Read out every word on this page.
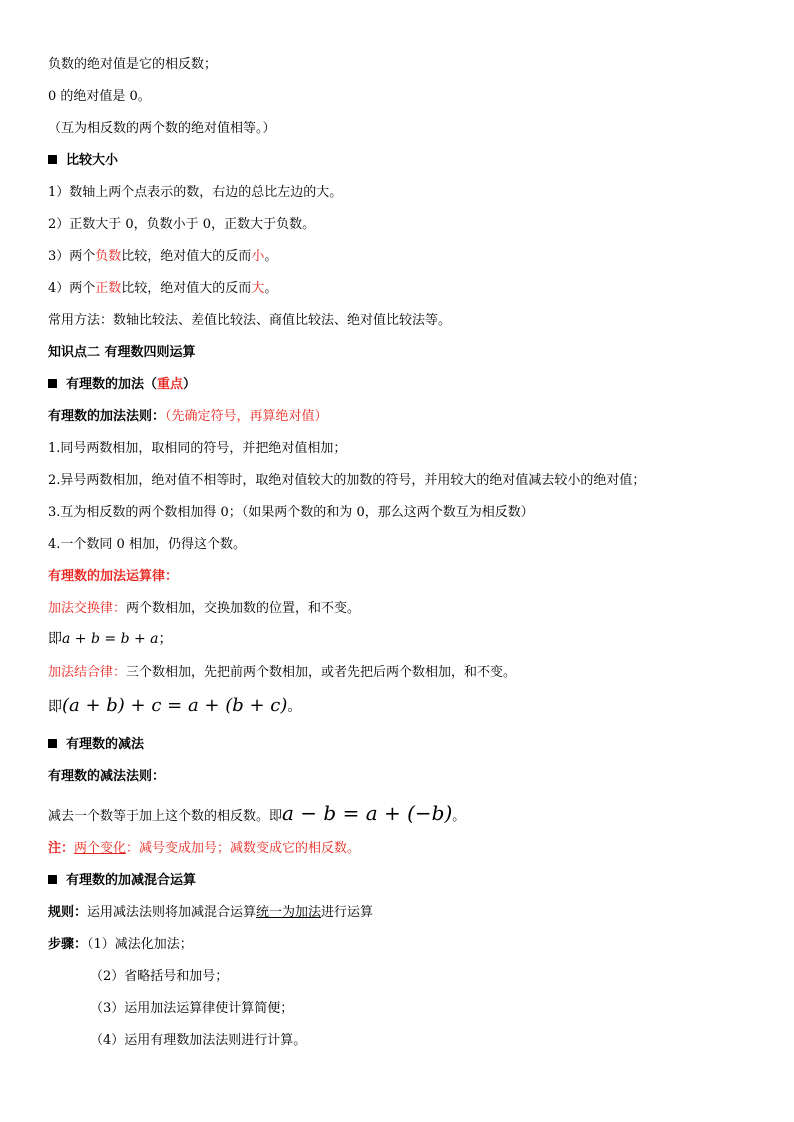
负数的绝对值是它的相反数；
0 的绝对值是 0。
（互为相反数的两个数的绝对值相等。）
比较大小
1）数轴上两个点表示的数，右边的总比左边的大。
2）正数大于 0，负数小于 0，正数大于负数。
3）两个负数比较，绝对值大的反而小。
4）两个正数比较，绝对值大的反而大。
常用方法：数轴比较法、差值比较法、商值比较法、绝对值比较法等。
知识点二 有理数四则运算
有理数的加法（重点）
有理数的加法法则：（先确定符号，再算绝对值）
1.同号两数相加，取相同的符号，并把绝对值相加；
2.异号两数相加，绝对值不相等时，取绝对值较大的加数的符号，并用较大的绝对值减去较小的绝对值；
3.互为相反数的两个数相加得 0；（如果两个数的和为 0，那么这两个数互为相反数）
4.一个数同 0 相加，仍得这个数。
有理数的加法运算律：
加法交换律：两个数相加，交换加数的位置，和不变。
即a + b = b + a；
加法结合律：三个数相加，先把前两个数相加，或者先把后两个数相加，和不变。
即(a + b) + c = a + (b + c)。
有理数的减法
有理数的减法法则：
减去一个数等于加上这个数的相反数。即a − b = a + (−b)。
注：两个变化：减号变成加号；减数变成它的相反数。
有理数的加减混合运算
规则：运用减法法则将加减混合运算统一为加法进行运算
步骤：（1）减法化加法；
（2）省略括号和加号；
（3）运用加法运算律使计算简便；
（4）运用有理数加法法则进行计算。
